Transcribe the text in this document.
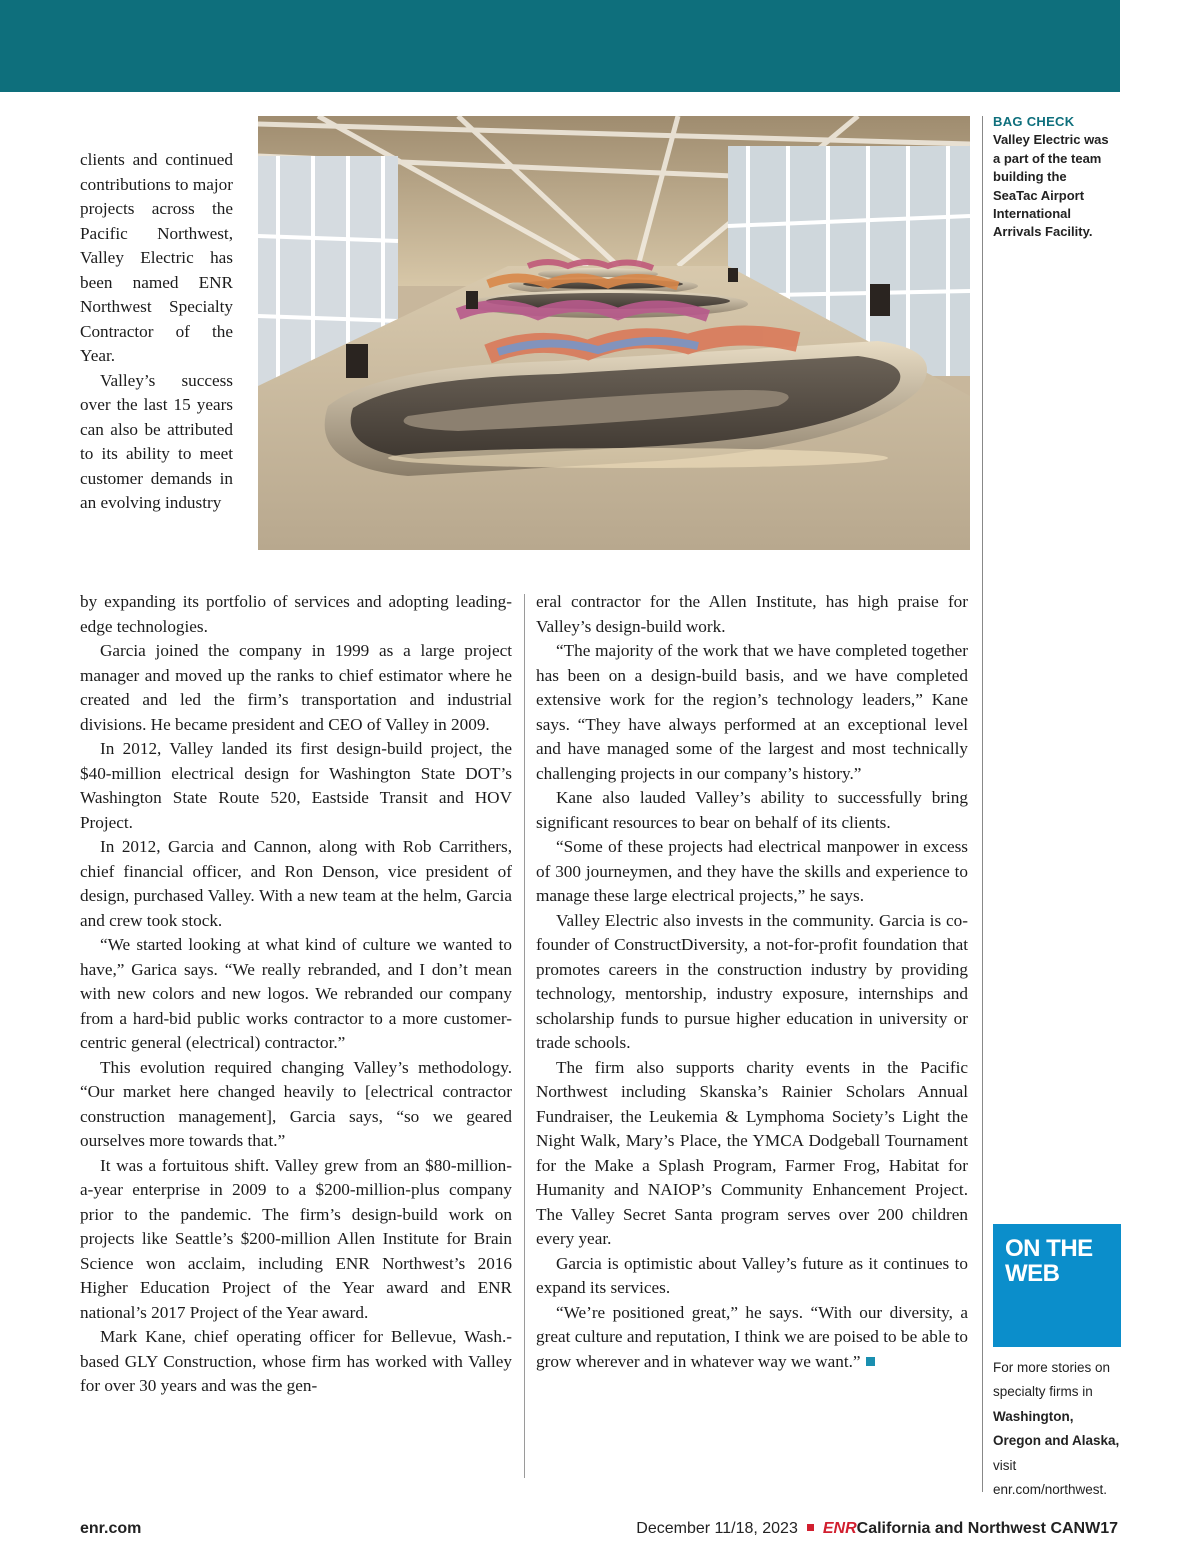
BAG CHECK
Valley Electric was a part of the team building the SeaTac Airport International Arrivals Facility.

clients and continued contributions to major projects across the Pacific Northwest, Valley Electric has been named ENR Northwest Specialty Contractor of the Year.

Valley’s success over the last 15 years can also be attributed to its ability to meet customer demands in an evolving industry

by expanding its portfolio of services and adopting leading-edge technologies.

Garcia joined the company in 1999 as a large project manager and moved up the ranks to chief estimator where he created and led the firm’s transportation and industrial divisions. He became president and CEO of Valley in 2009.

In 2012, Valley landed its first design-build project, the $40-million electrical design for Washington State DOT’s Washington State Route 520, Eastside Transit and HOV Project.

In 2012, Garcia and Cannon, along with Rob Carrithers, chief financial officer, and Ron Denson, vice president of design, purchased Valley. With a new team at the helm, Garcia and crew took stock.

“We started looking at what kind of culture we wanted to have,” Garica says. “We really rebranded, and I don’t mean with new colors and new logos. We rebranded our company from a hard-bid public works contractor to a more customer-centric general (electrical) contractor.”

This evolution required changing Valley’s methodology. “Our market here changed heavily to [electrical contractor construction management], Garcia says, “so we geared ourselves more towards that.”

It was a fortuitous shift. Valley grew from an $80-million-a-year enterprise in 2009 to a $200-million-plus company prior to the pandemic. The firm’s design-build work on projects like Seattle’s $200-million Allen Institute for Brain Science won acclaim, including ENR Northwest’s 2016 Higher Education Project of the Year award and ENR national’s 2017 Project of the Year award.

Mark Kane, chief operating officer for Bellevue, Wash.-based GLY Construction, whose firm has worked with Valley for over 30 years and was the gen-

eral contractor for the Allen Institute, has high praise for Valley’s design-build work.

“The majority of the work that we have completed together has been on a design-build basis, and we have completed extensive work for the region’s technology leaders,” Kane says. “They have always performed at an exceptional level and have managed some of the largest and most technically challenging projects in our company’s history.”

Kane also lauded Valley’s ability to successfully bring significant resources to bear on behalf of its clients.

“Some of these projects had electrical manpower in excess of 300 journeymen, and they have the skills and experience to manage these large electrical projects,” he says.

Valley Electric also invests in the community. Garcia is co-founder of ConstructDiversity, a not-for-profit foundation that promotes careers in the construction industry by providing technology, mentorship, industry exposure, internships and scholarship funds to pursue higher education in university or trade schools.

The firm also supports charity events in the Pacific Northwest including Skanska’s Rainier Scholars Annual Fundraiser, the Leukemia & Lymphoma Society’s Light the Night Walk, Mary’s Place, the YMCA Dodgeball Tournament for the Make a Splash Program, Farmer Frog, Habitat for Humanity and NAIOP’s Community Enhancement Project. The Valley Secret Santa program serves over 200 children every year.

Garcia is optimistic about Valley’s future as it continues to expand its services.

“We’re positioned great,” he says. “With our diversity, a great culture and reputation, I think we are poised to be able to grow wherever and in whatever way we want.”

ON THE
WEB
For more stories on specialty firms in Washington, Oregon and Alaska, visit enr.com/northwest.
enr.com	December 11/18, 2023 ENRCalifornia and Northwest CANW17
